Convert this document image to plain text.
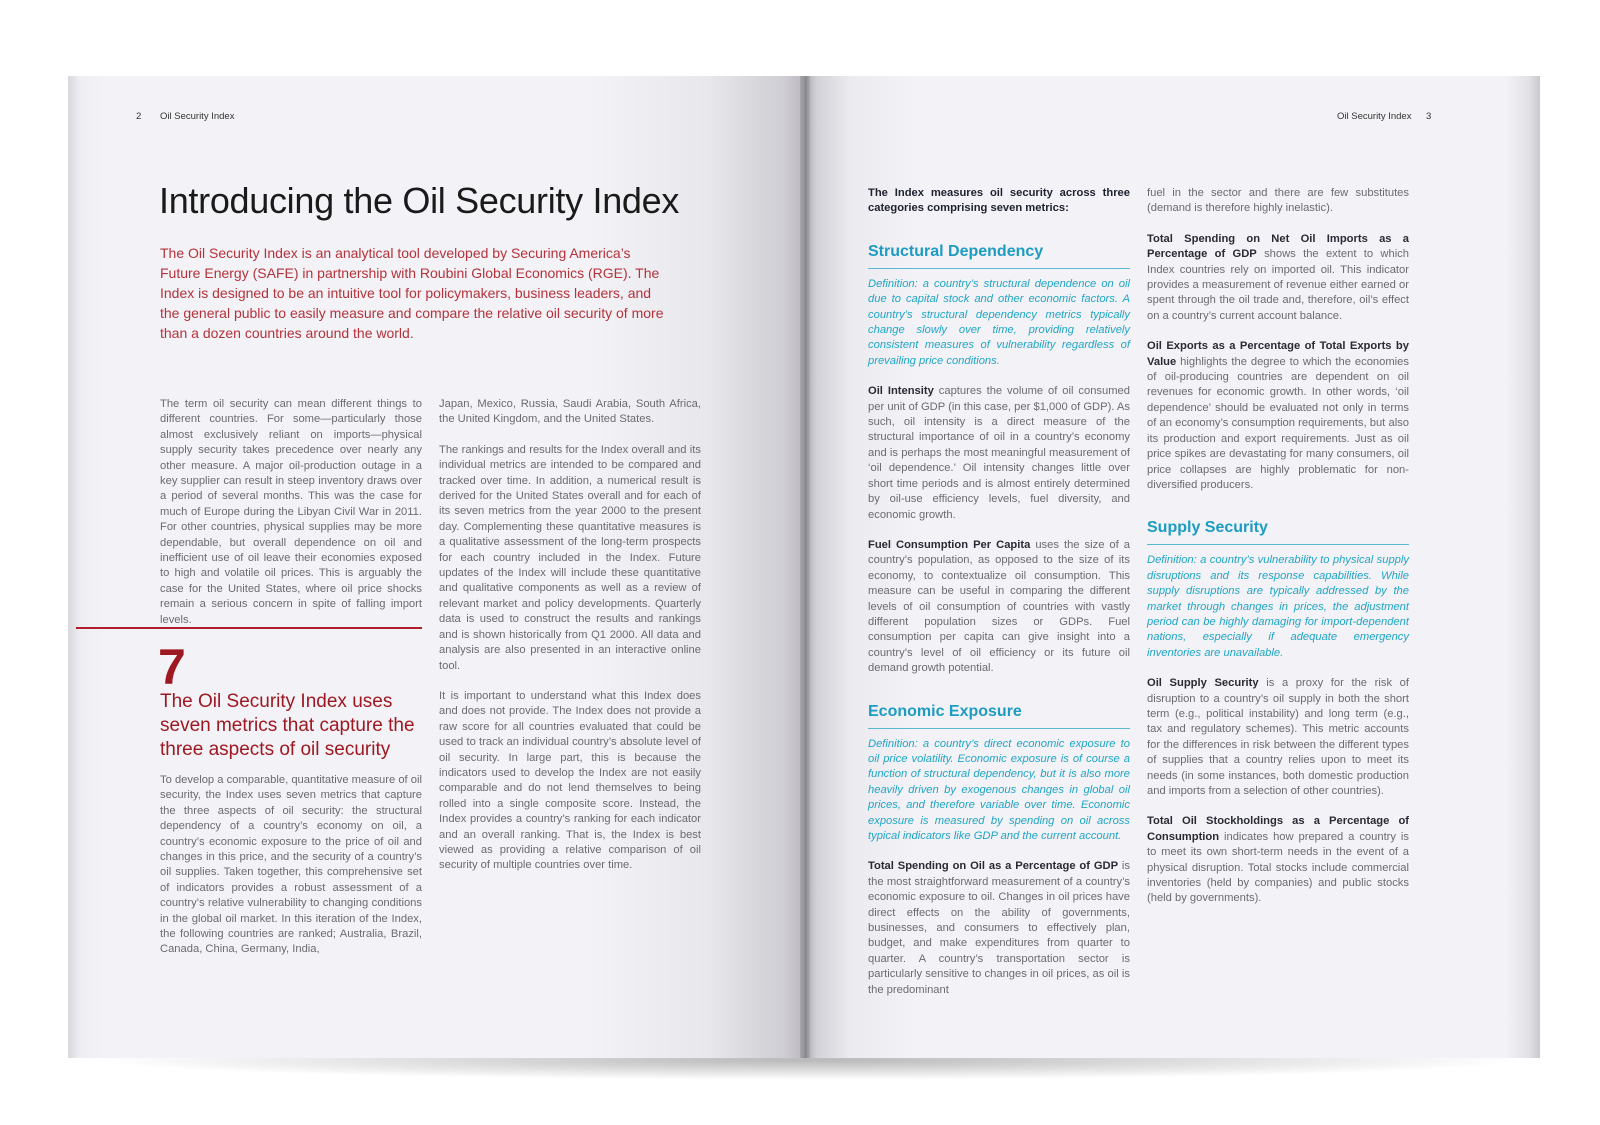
2 Oil Security Index
Introducing the Oil Security Index

The Oil Security Index is an analytical tool developed by Securing America’s Future Energy (SAFE) in partnership with Roubini Global Economics (RGE). The Index is designed to be an intuitive tool for policymakers, business leaders, and the general public to easily measure and compare the relative oil security of more than a dozen countries around the world.

The term oil security can mean different things to different countries. For some—particularly those almost exclusively reliant on imports—physical supply security takes precedence over nearly any other measure. A major oil-production outage in a key supplier can result in steep inventory draws over a period of several months. This was the case for much of Europe during the Libyan Civil War in 2011. For other countries, physical supplies may be more dependable, but overall dependence on oil and inefficient use of oil leave their economies exposed to high and volatile oil prices. This is arguably the case for the United States, where oil price shocks remain a serious concern in spite of falling import levels.

7

The Oil Security Index uses seven metrics that capture the three aspects of oil security

To develop a comparable, quantitative measure of oil security, the Index uses seven metrics that capture the three aspects of oil security: the structural dependency of a country’s economy on oil, a country’s economic exposure to the price of oil and changes in this price, and the security of a country’s oil supplies. Taken together, this comprehensive set of indicators provides a robust assessment of a country’s relative vulnerability to changing conditions in the global oil market. In this iteration of the Index, the following countries are ranked; Australia, Brazil, Canada, China, Germany, India,

Japan, Mexico, Russia, Saudi Arabia, South Africa, the United Kingdom, and the United States.

The rankings and results for the Index overall and its individual metrics are intended to be compared and tracked over time. In addition, a numerical result is derived for the United States overall and for each of its seven metrics from the year 2000 to the present day. Complementing these quantitative measures is a qualitative assessment of the long-term prospects for each country included in the Index. Future updates of the Index will include these quantitative and qualitative components as well as a review of relevant market and policy developments. Quarterly data is used to construct the results and rankings and is shown historically from Q1 2000. All data and analysis are also presented in an interactive online tool.

It is important to understand what this Index does and does not provide. The Index does not provide a raw score for all countries evaluated that could be used to track an individual country’s absolute level of oil security. In large part, this is because the indicators used to develop the Index are not easily comparable and do not lend themselves to being rolled into a single composite score. Instead, the Index provides a country’s ranking for each indicator and an overall ranking. That is, the Index is best viewed as providing a relative comparison of oil security of multiple countries over time.

Oil Security Index 3

The Index measures oil security across three categories comprising seven metrics:

Structural Dependency

Definition: a country’s structural dependence on oil due to capital stock and other economic factors. A country’s structural dependency metrics typically change slowly over time, providing relatively consistent measures of vulnerability regardless of prevailing price conditions.

Oil Intensity captures the volume of oil consumed per unit of GDP (in this case, per $1,000 of GDP). As such, oil intensity is a direct measure of the structural importance of oil in a country’s economy and is perhaps the most meaningful measurement of ‘oil dependence.’ Oil intensity changes little over short time periods and is almost entirely determined by oil-use efficiency levels, fuel diversity, and economic growth.

Fuel Consumption Per Capita uses the size of a country’s population, as opposed to the size of its economy, to contextualize oil consumption. This measure can be useful in comparing the different levels of oil consumption of countries with vastly different population sizes or GDPs. Fuel consumption per capita can give insight into a country’s level of oil efficiency or its future oil demand growth potential.

Economic Exposure

Definition: a country’s direct economic exposure to oil price volatility. Economic exposure is of course a function of structural dependency, but it is also more heavily driven by exogenous changes in global oil prices, and therefore variable over time. Economic exposure is measured by spending on oil across typical indicators like GDP and the current account.

Total Spending on Oil as a Percentage of GDP is the most straightforward measurement of a country’s economic exposure to oil. Changes in oil prices have direct effects on the ability of governments, businesses, and consumers to effectively plan, budget, and make expenditures from quarter to quarter. A country’s transportation sector is particularly sensitive to changes in oil prices, as oil is the predominant

fuel in the sector and there are few substitutes (demand is therefore highly inelastic).

Total Spending on Net Oil Imports as a Percentage of GDP shows the extent to which Index countries rely on imported oil. This indicator provides a measurement of revenue either earned or spent through the oil trade and, therefore, oil’s effect on a country’s current account balance.

Oil Exports as a Percentage of Total Exports by Value highlights the degree to which the economies of oil-producing countries are dependent on oil revenues for economic growth. In other words, ‘oil dependence’ should be evaluated not only in terms of an economy’s consumption requirements, but also its production and export requirements. Just as oil price spikes are devastating for many consumers, oil price collapses are highly problematic for non-diversified producers.

Supply Security

Definition: a country’s vulnerability to physical supply disruptions and its response capabilities. While supply disruptions are typically addressed by the market through changes in prices, the adjustment period can be highly damaging for import-dependent nations, especially if adequate emergency inventories are unavailable.

Oil Supply Security is a proxy for the risk of disruption to a country’s oil supply in both the short term (e.g., political instability) and long term (e.g., tax and regulatory schemes). This metric accounts for the differences in risk between the different types of supplies that a country relies upon to meet its needs (in some instances, both domestic production and imports from a selection of other countries).

Total Oil Stockholdings as a Percentage of Consumption indicates how prepared a country is to meet its own short-term needs in the event of a physical disruption. Total stocks include commercial inventories (held by companies) and public stocks (held by governments).
